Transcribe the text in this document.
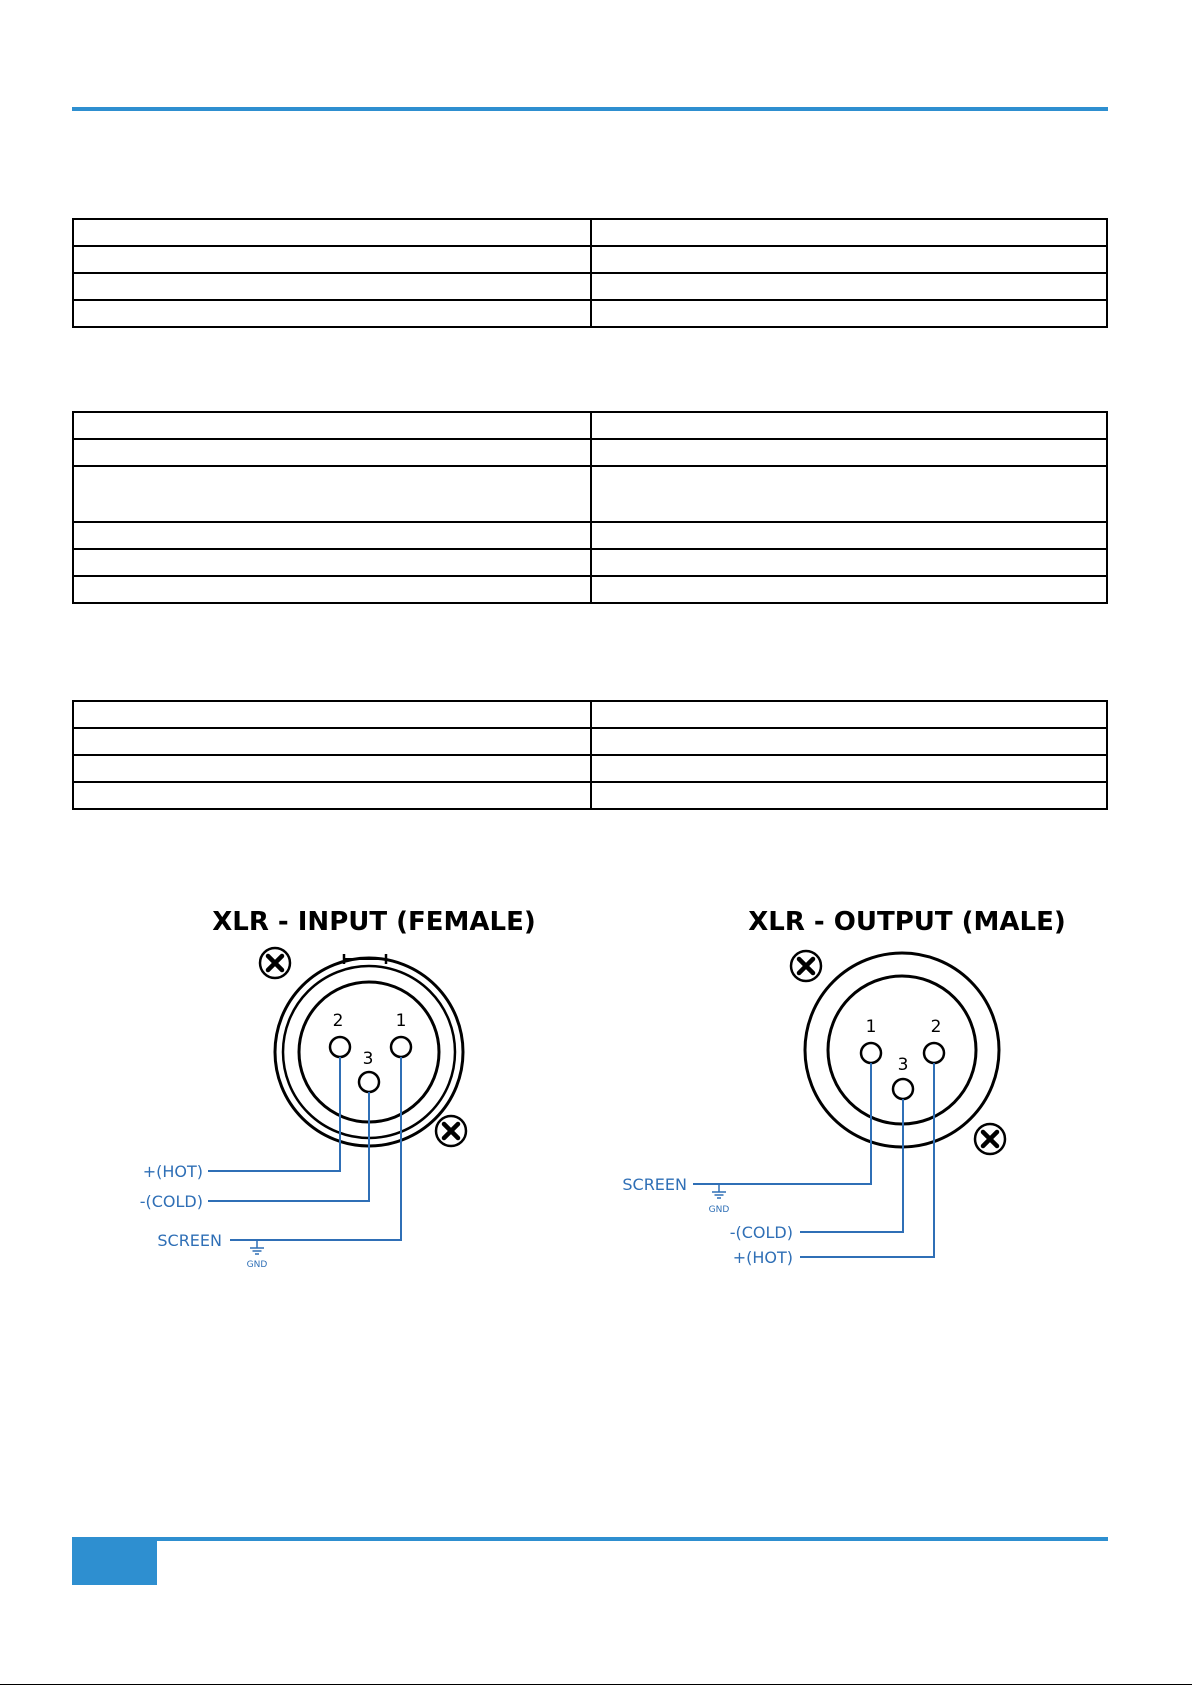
XLR - INPUT (FEMALE)
2	1
3
+(HOT)
-(COLD)
SCREEN
GND
XLR - OUTPUT (MALE)
1	2
3
SCREEN
-(COLD)
+(HOT)
GND
